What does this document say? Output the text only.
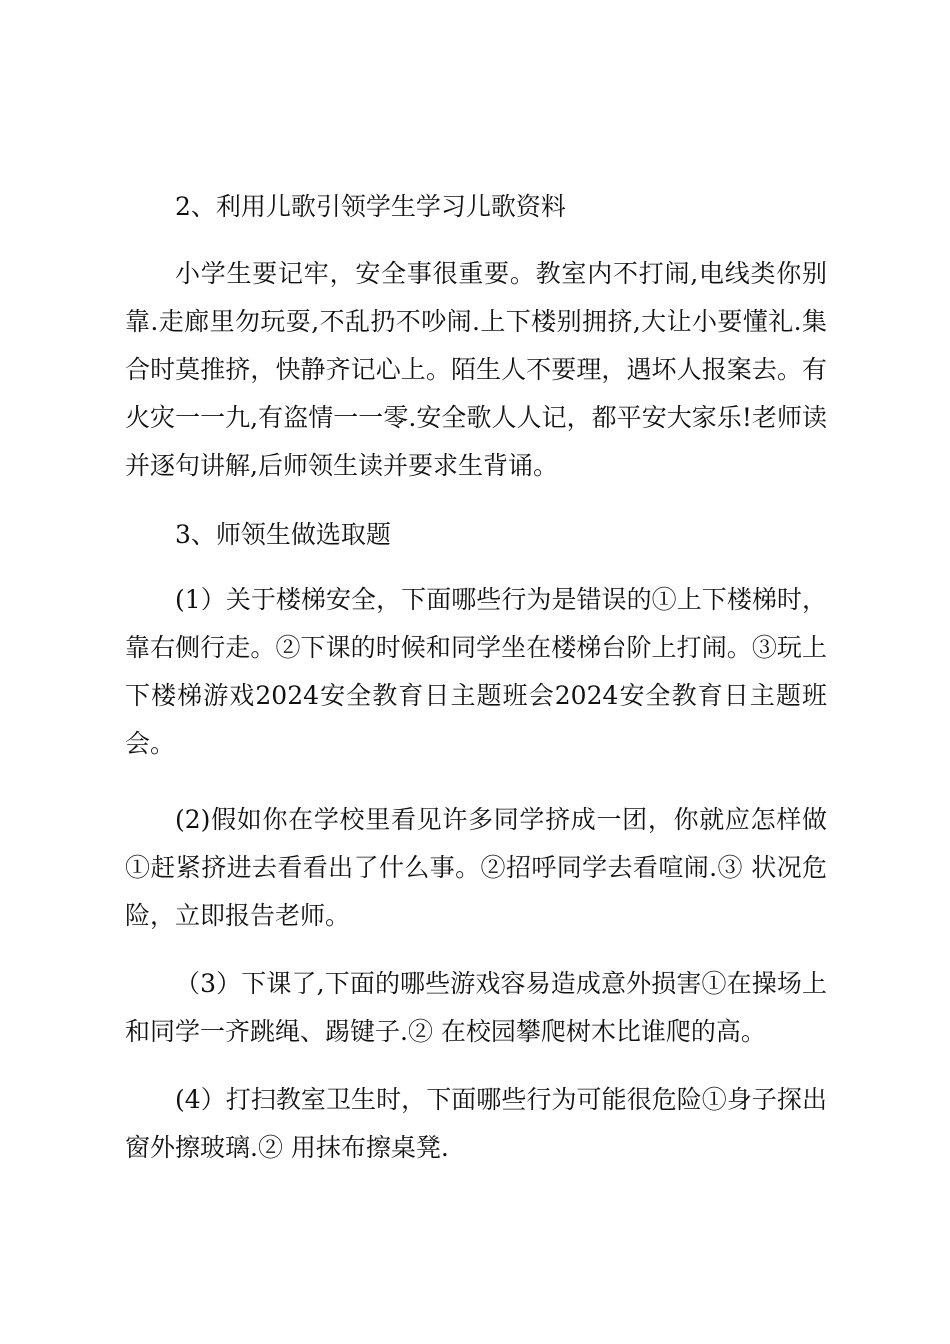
2、利用儿歌引领学生学习儿歌资料

小学生要记牢，安全事很重要。教室内不打闹,电线类你别靠.走廊里勿玩耍,不乱扔不吵闹.上下楼别拥挤,大让小要懂礼.集合时莫推挤，快静齐记心上。陌生人不要理，遇坏人报案去。有火灾一一九,有盗情一一零.安全歌人人记，都平安大家乐!老师读并逐句讲解,后师领生读并要求生背诵。

3、师领生做选取题

(1）关于楼梯安全，下面哪些行为是错误的①上下楼梯时，靠右侧行走。②下课的时候和同学坐在楼梯台阶上打闹。③玩上下楼梯游戏2024安全教育日主题班会2024安全教育日主题班会。

(2)假如你在学校里看见许多同学挤成一团，你就应怎样做①赶紧挤进去看看出了什么事。②招呼同学去看喧闹.③ 状况危险，立即报告老师。

（3）下课了,下面的哪些游戏容易造成意外损害①在操场上和同学一齐跳绳、踢键子.② 在校园攀爬树木比谁爬的高。

(4）打扫教室卫生时，下面哪些行为可能很危险①身子探出窗外擦玻璃.② 用抹布擦桌凳.
